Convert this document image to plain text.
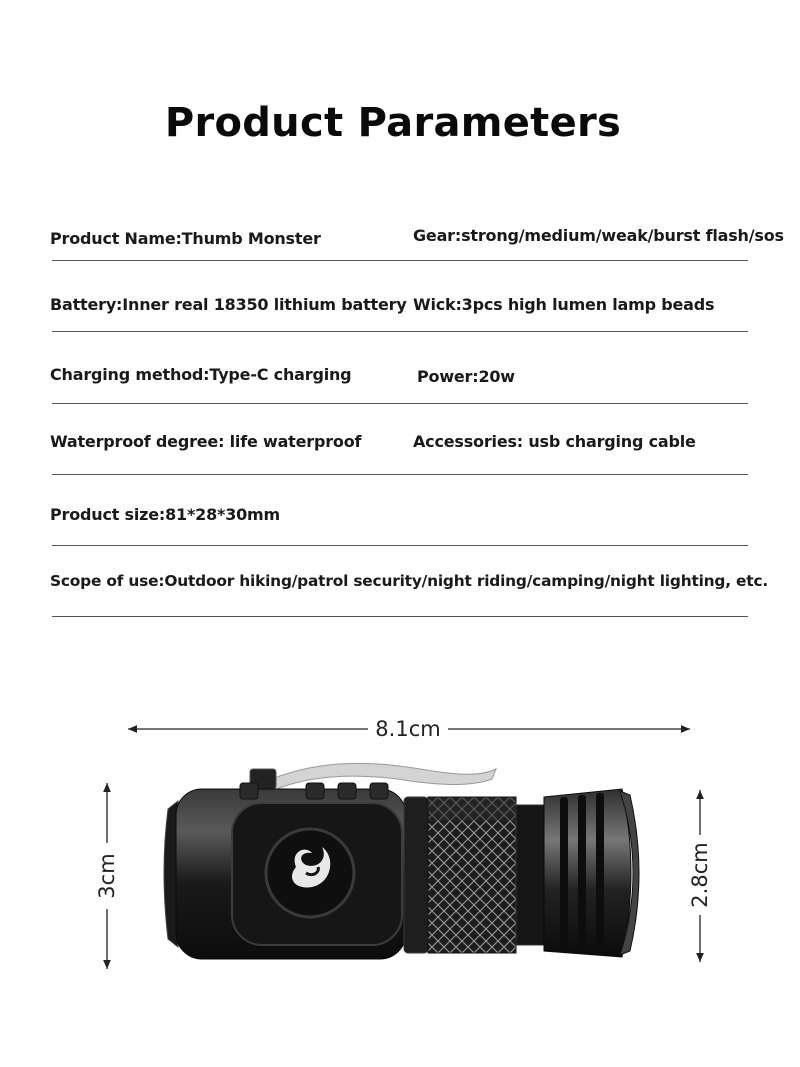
Product Parameters
Product Name:Thumb Monster	Gear:strong/medium/weak/burst flash/sos
Battery:Inner real 18350 lithium battery Wick:3pcs high lumen lamp beads
Charging method:Type-C charging	Power:20w
Waterproof degree: life waterproof	Accessories: usb charging cable
Product size:81*28*30mm
Scope of use:Outdoor hiking/patrol security/night riding/camping/night lighting, etc.
8.1cm
3cm	2.8cm
